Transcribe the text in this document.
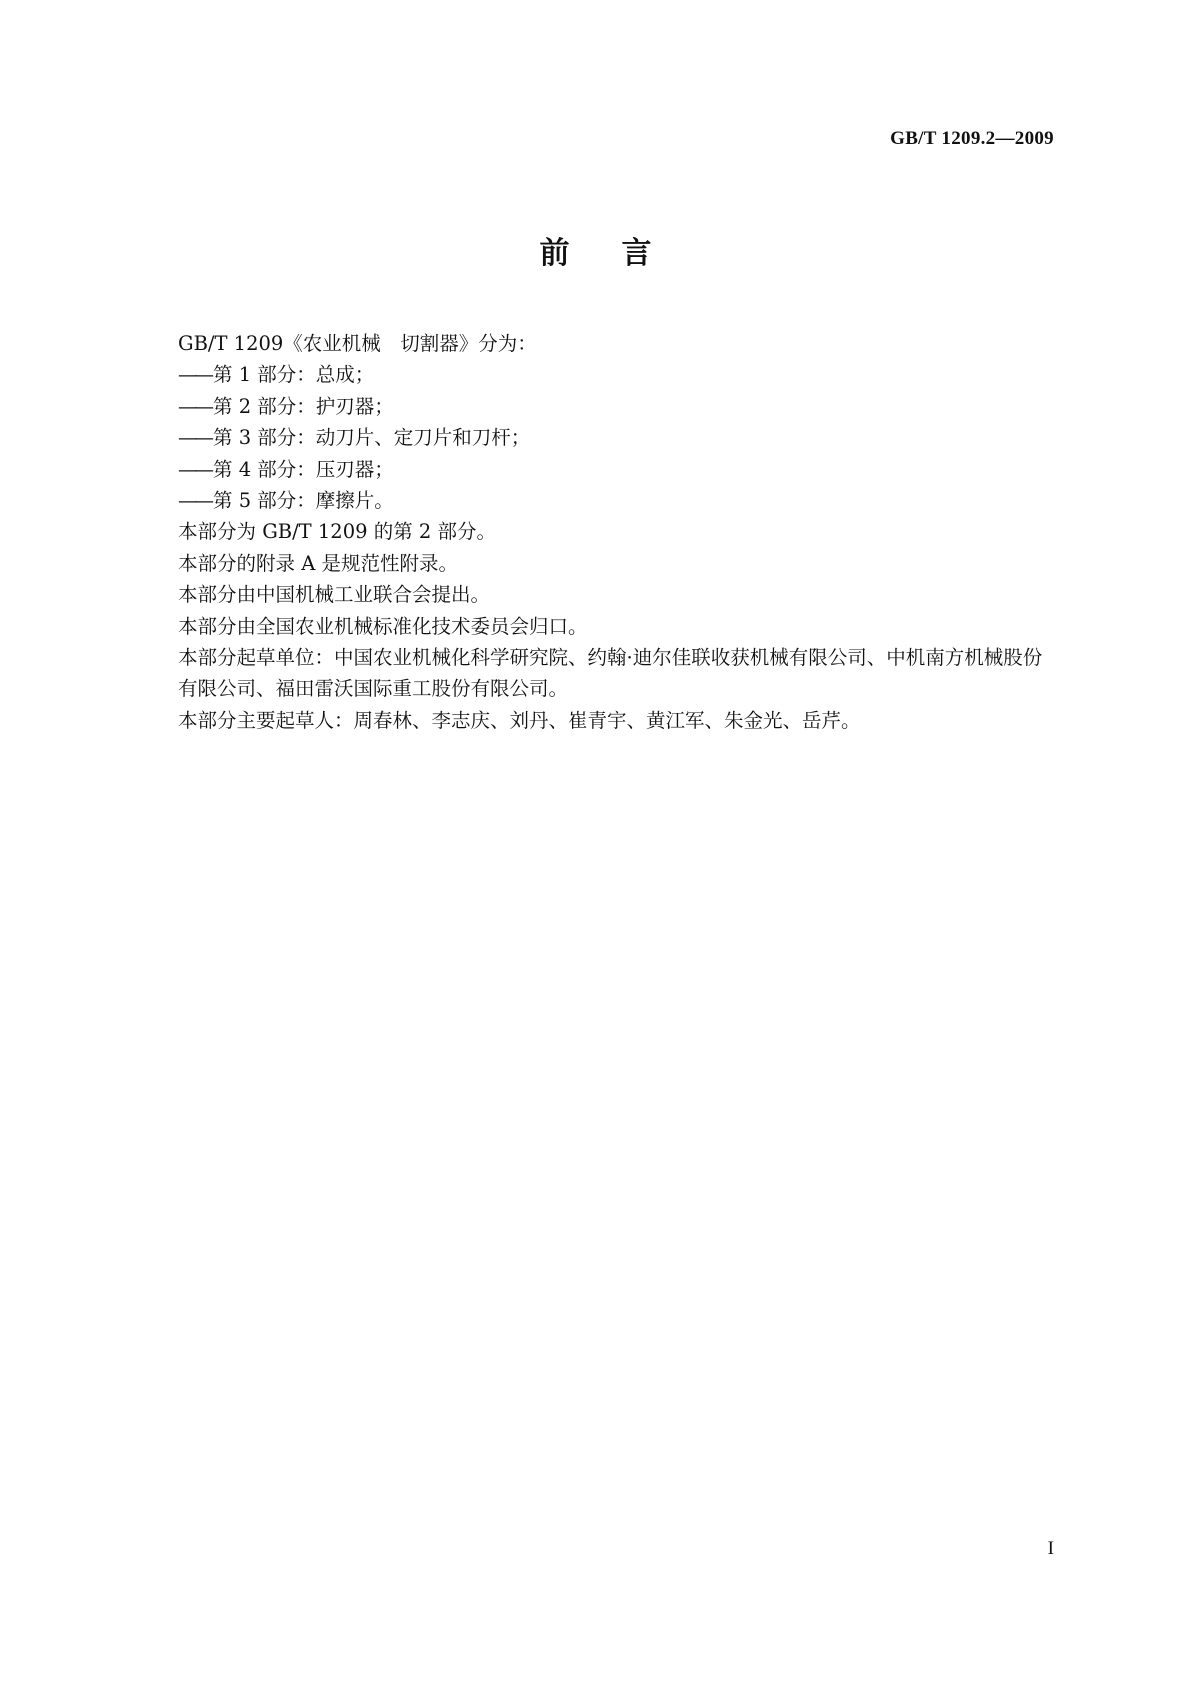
GB/T 1209.2—2009
前言

GB/T 1209《农业机械　切割器》分为：

—— 第 1 部分：总成；

—— 第 2 部分：护刃器；

—— 第 3 部分：动刀片、定刀片和刀杆；

—— 第 4 部分：压刃器；

—— 第 5 部分：摩擦片。

本部分为 GB/T 1209 的第 2 部分。

本部分的附录 A 是规范性附录。

本部分由中国机械工业联合会提出。

本部分由全国农业机械标准化技术委员会归口。

本部分起草单位：中国农业机械化科学研究院、约翰·迪尔佳联收获机械有限公司、中机南方机械股份有限公司、福田雷沃国际重工股份有限公司。

本部分主要起草人：周春林、李志庆、刘丹、崔青宇、黄江军、朱金光、岳芹。

I
